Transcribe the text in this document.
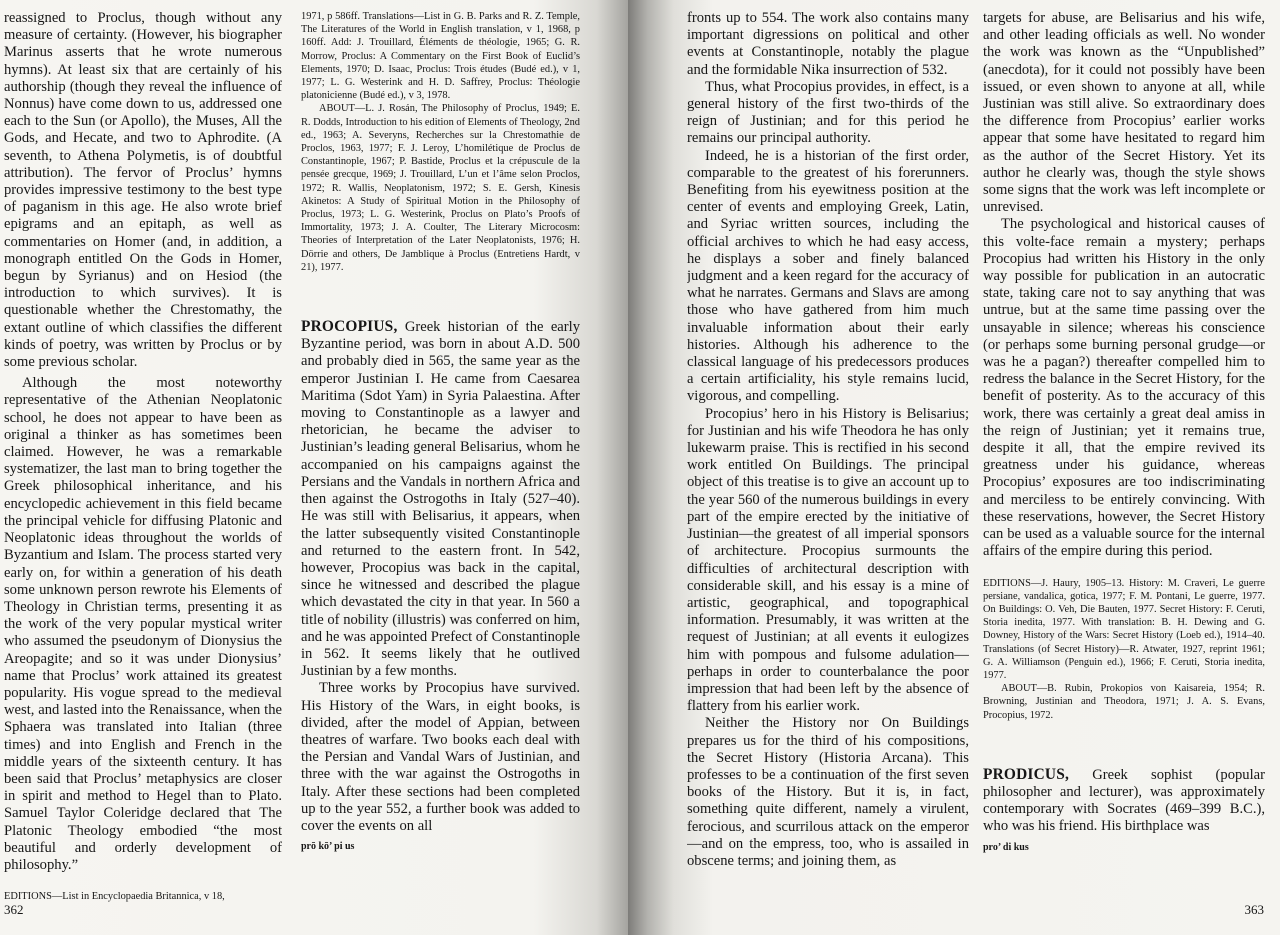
reassigned to Proclus, though without any measure of certainty. (However, his biographer Marinus asserts that he wrote numerous hymns). At least six that are certainly of his authorship (though they reveal the influence of Nonnus) have come down to us, addressed one each to the Sun (or Apollo), the Muses, All the Gods, and Hecate, and two to Aphrodite. (A seventh, to Athena Polymetis, is of doubtful attribution). The fervor of Proclus’ hymns provides impressive testimony to the best type of paganism in this age. He also wrote brief epigrams and an epitaph, as well as commentaries on Homer (and, in addition, a monograph entitled On the Gods in Homer, begun by Syrianus) and on Hesiod (the introduction to which survives). It is questionable whether the Chrestomathy, the extant outline of which classifies the different kinds of poetry, was written by Proclus or by some previous scholar.

Although the most noteworthy representative of the Athenian Neoplatonic school, he does not appear to have been as original a thinker as has sometimes been claimed. However, he was a remarkable systematizer, the last man to bring together the Greek philosophical inheritance, and his encyclopedic achievement in this field became the principal vehicle for diffusing Platonic and Neoplatonic ideas throughout the worlds of Byzantium and Islam. The process started very early on, for within a generation of his death some unknown person rewrote his Elements of Theology in Christian terms, presenting it as the work of the very popular mystical writer who assumed the pseudonym of Dionysius the Areopagite; and so it was under Dionysius’ name that Proclus’ work attained its greatest popularity. His vogue spread to the medieval west, and lasted into the Renaissance, when the Sphaera was translated into Italian (three times) and into English and French in the middle years of the sixteenth century. It has been said that Proclus’ metaphysics are closer in spirit and method to Hegel than to Plato. Samuel Taylor Coleridge declared that The Platonic Theology embodied “the most beautiful and orderly development of philosophy.”

EDITIONS—List in Encyclopaedia Britannica, v 18,

1971, p 586ff. Translations—List in G. B. Parks and R. Z. Temple, The Literatures of the World in English translation, v 1, 1968, p 160ff. Add: J. Trouillard, Éléments de théologie, 1965; G. R. Morrow, Proclus: A Commentary on the First Book of Euclid’s Elements, 1970; D. Isaac, Proclus: Trois études (Budé ed.), v 1, 1977; L. G. Westerink and H. D. Saffrey, Proclus: Théologie platonicienne (Budé ed.), v 3, 1978.

ABOUT—L. J. Rosán, The Philosophy of Proclus, 1949; E. R. Dodds, Introduction to his edition of Elements of Theology, 2nd ed., 1963; A. Severyns, Recherches sur la Chrestomathie de Proclos, 1963, 1977; F. J. Leroy, L’homilétique de Proclus de Constantinople, 1967; P. Bastide, Proclus et la crépuscule de la pensée grecque, 1969; J. Trouillard, L’un et l’âme selon Proclos, 1972; R. Wallis, Neoplatonism, 1972; S. E. Gersh, Kinesis Akinetos: A Study of Spiritual Motion in the Philosophy of Proclus, 1973; L. G. Westerink, Proclus on Plato’s Proofs of Immortality, 1973; J. A. Coulter, The Literary Microcosm: Theories of Interpretation of the Later Neoplatonists, 1976; H. Dörrie and others, De Jamblique à Proclus (Entretiens Hardt, v 21), 1977.

PROCOPIUS, Greek historian of the early Byzantine period, was born in about A.D. 500 and probably died in 565, the same year as the emperor Justinian I. He came from Caesarea Maritima (Sdot Yam) in Syria Palaestina. After moving to Constantinople as a lawyer and rhetorician, he became the adviser to Justinian’s leading general Belisarius, whom he accompanied on his campaigns against the Persians and the Vandals in northern Africa and then against the Ostrogoths in Italy (527–40). He was still with Belisarius, it appears, when the latter subsequently visited Constantinople and returned to the eastern front. In 542, however, Procopius was back in the capital, since he witnessed and described the plague which devastated the city in that year. In 560 a title of nobility (illustris) was conferred on him, and he was appointed Prefect of Constantinople in 562. It seems likely that he outlived Justinian by a few months.

Three works by Procopius have survived. His History of the Wars, in eight books, is divided, after the model of Appian, between theatres of warfare. Two books each deal with the Persian and Vandal Wars of Justinian, and three with the war against the Ostrogoths in Italy. After these sections had been completed up to the year 552, a further book was added to cover the events on all

prō kō’ pi us

362

fronts up to 554. The work also contains many important digressions on political and other events at Constantinople, notably the plague and the formidable Nika insurrection of 532.

Thus, what Procopius provides, in effect, is a general history of the first two-thirds of the reign of Justinian; and for this period he remains our principal authority.

Indeed, he is a historian of the first order, comparable to the greatest of his forerunners. Benefiting from his eyewitness position at the center of events and employing Greek, Latin, and Syriac written sources, including the official archives to which he had easy access, he displays a sober and finely balanced judgment and a keen regard for the accuracy of what he narrates. Germans and Slavs are among those who have gathered from him much invaluable information about their early histories. Although his adherence to the classical language of his predecessors produces a certain artificiality, his style remains lucid, vigorous, and compelling.

Procopius’ hero in his History is Belisarius; for Justinian and his wife Theodora he has only lukewarm praise. This is rectified in his second work entitled On Buildings. The principal object of this treatise is to give an account up to the year 560 of the numerous buildings in every part of the empire erected by the initiative of Justinian—the greatest of all imperial sponsors of architecture. Procopius surmounts the difficulties of architectural description with considerable skill, and his essay is a mine of artistic, geographical, and topographical information. Presumably, it was written at the request of Justinian; at all events it eulogizes him with pompous and fulsome adulation—perhaps in order to counterbalance the poor impression that had been left by the absence of flattery from his earlier work.

Neither the History nor On Buildings prepares us for the third of his compositions, the Secret History (Historia Arcana). This professes to be a continuation of the first seven books of the History. But it is, in fact, something quite different, namely a virulent, ferocious, and scurrilous attack on the emperor—and on the empress, too, who is assailed in obscene terms; and joining them, as

targets for abuse, are Belisarius and his wife, and other leading officials as well. No wonder the work was known as the “Unpublished” (anecdota), for it could not possibly have been issued, or even shown to anyone at all, while Justinian was still alive. So extraordinary does the difference from Procopius’ earlier works appear that some have hesitated to regard him as the author of the Secret History. Yet its author he clearly was, though the style shows some signs that the work was left incomplete or unrevised.

The psychological and historical causes of this volte-face remain a mystery; perhaps Procopius had written his History in the only way possible for publication in an autocratic state, taking care not to say anything that was untrue, but at the same time passing over the unsayable in silence; whereas his conscience (or perhaps some burning personal grudge—or was he a pagan?) thereafter compelled him to redress the balance in the Secret History, for the benefit of posterity. As to the accuracy of this work, there was certainly a great deal amiss in the reign of Justinian; yet it remains true, despite it all, that the empire revived its greatness under his guidance, whereas Procopius’ exposures are too indiscriminating and merciless to be entirely convincing. With these reservations, however, the Secret History can be used as a valuable source for the internal affairs of the empire during this period.

EDITIONS—J. Haury, 1905–13. History: M. Craveri, Le guerre persiane, vandalica, gotica, 1977; F. M. Pontani, Le guerre, 1977. On Buildings: O. Veh, Die Bauten, 1977. Secret History: F. Ceruti, Storia inedita, 1977. With translation: B. H. Dewing and G. Downey, History of the Wars: Secret History (Loeb ed.), 1914–40. Translations (of Secret History)—R. Atwater, 1927, reprint 1961; G. A. Williamson (Penguin ed.), 1966; F. Ceruti, Storia inedita, 1977.

ABOUT—B. Rubin, Prokopios von Kaisareia, 1954; R. Browning, Justinian and Theodora, 1971; J. A. S. Evans, Procopius, 1972.

PRODICUS, Greek sophist (popular philosopher and lecturer), was approximately contemporary with Socrates (469–399 B.C.), who was his friend. His birthplace was

pro’ di kus

363
